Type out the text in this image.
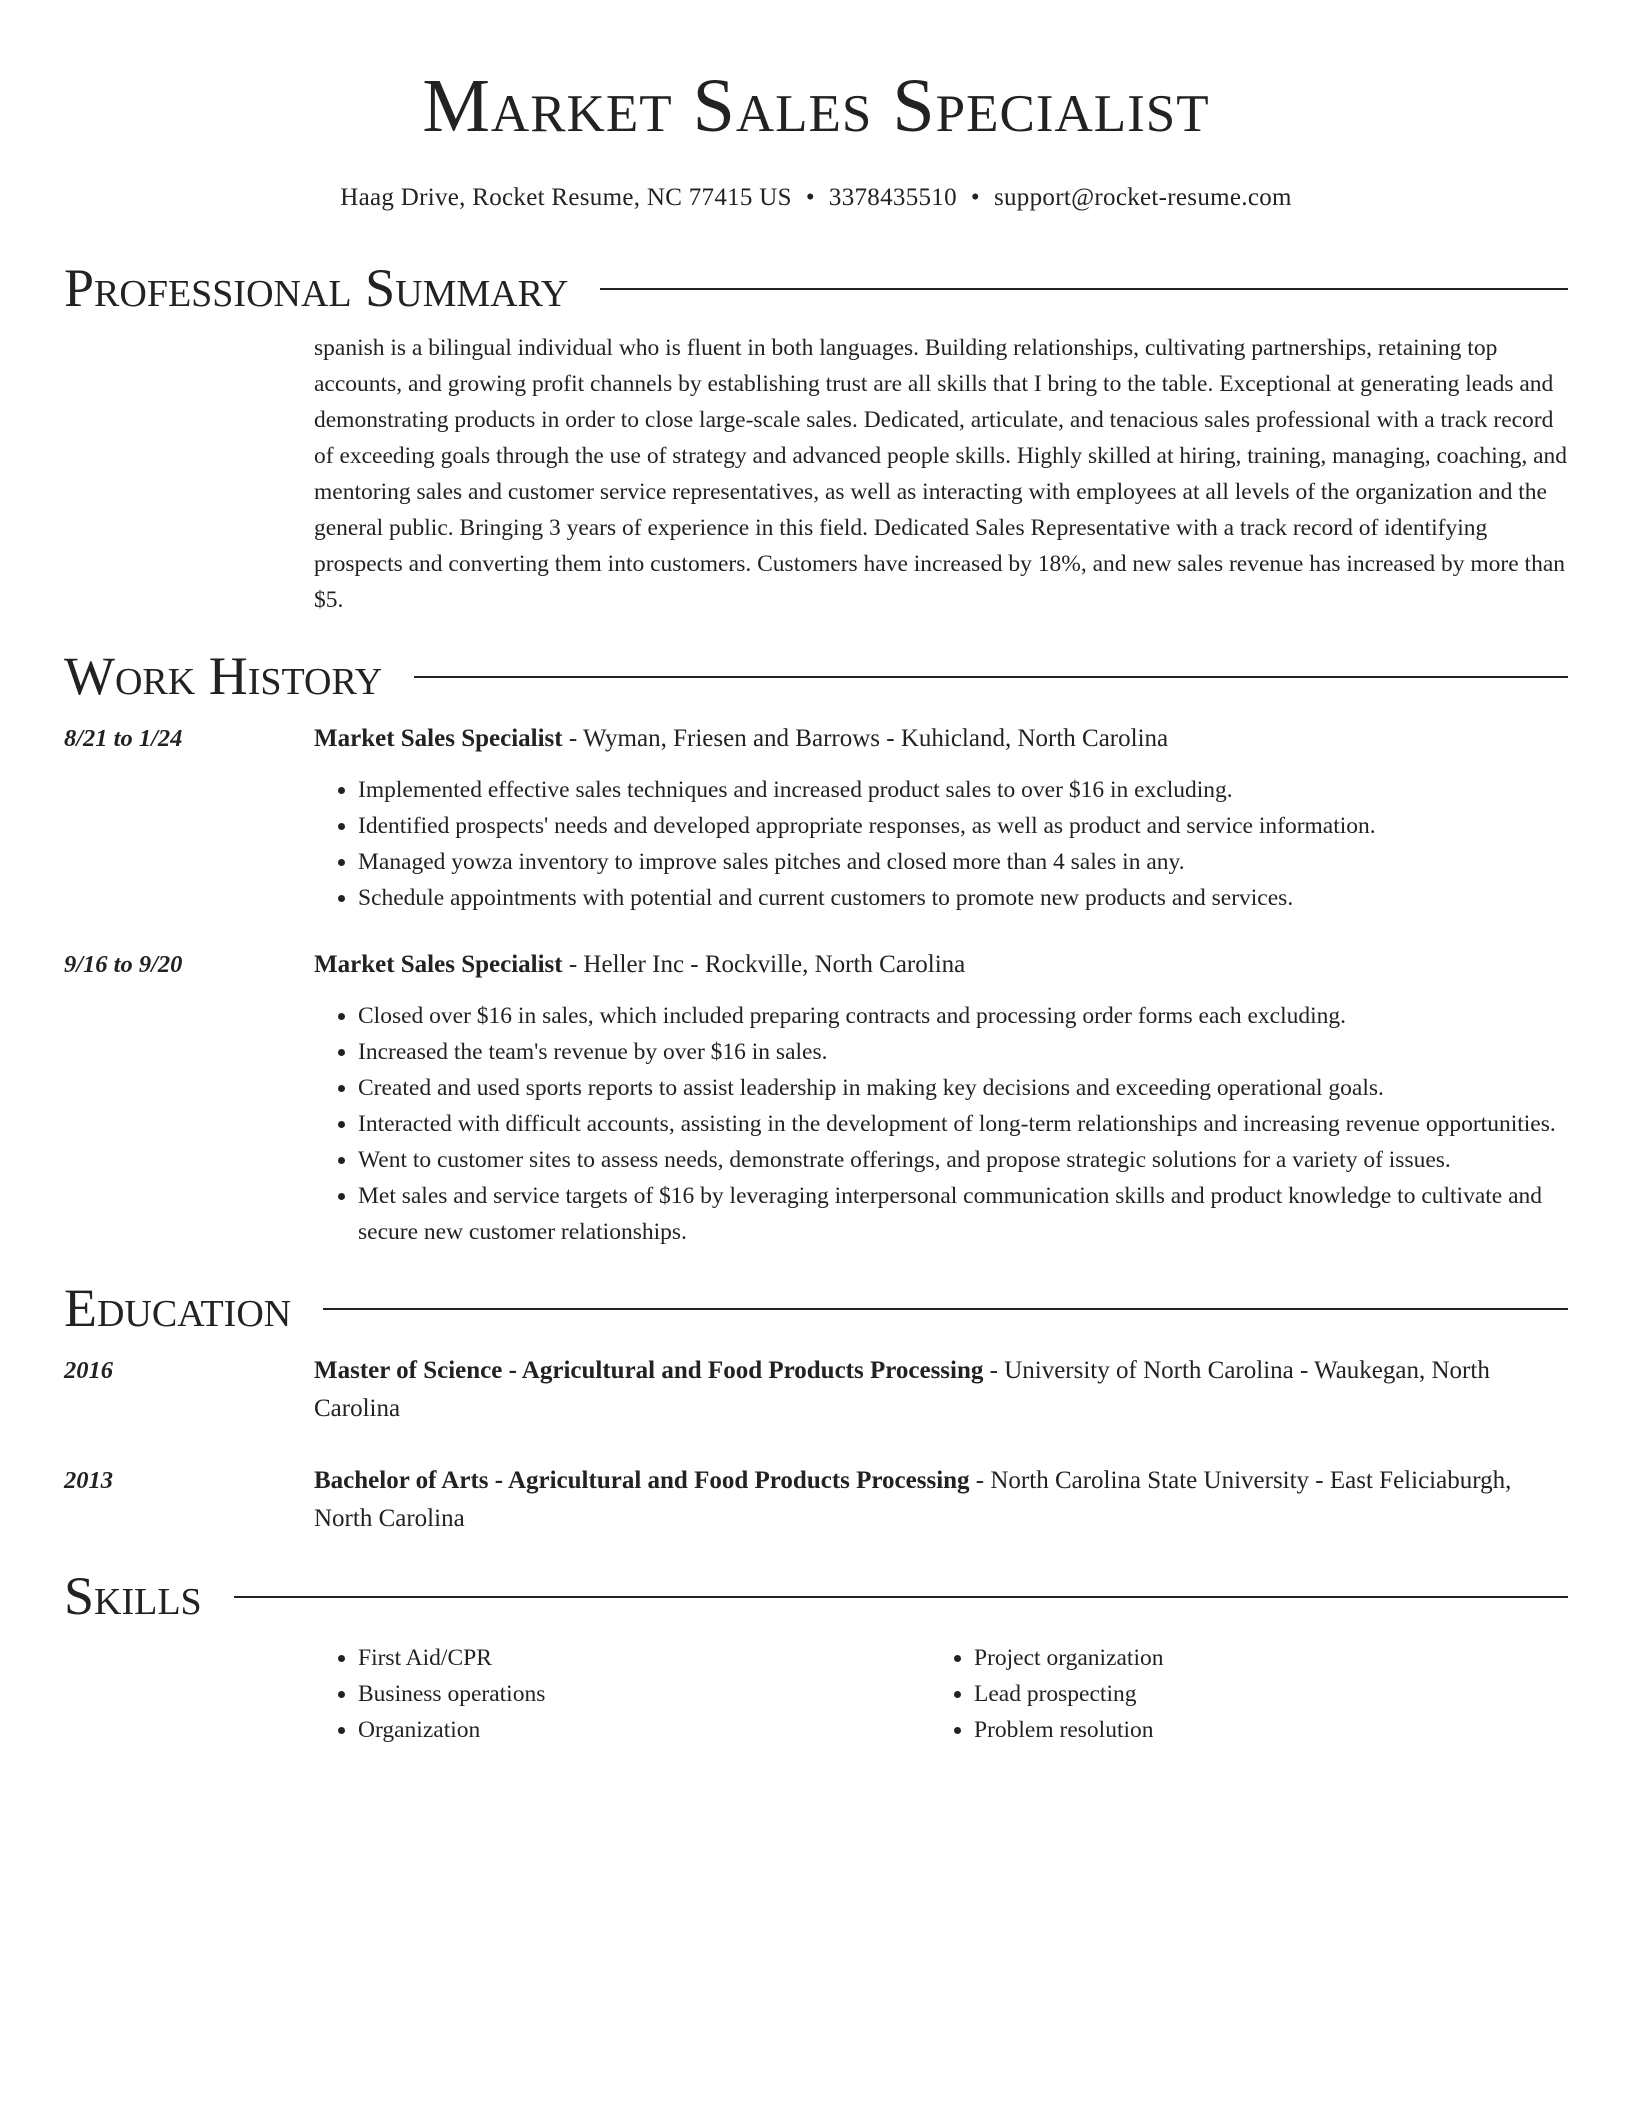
Market Sales Specialist
Haag Drive, Rocket Resume, NC 77415 US • 3378435510 • support@rocket-resume.com
Professional Summary
spanish is a bilingual individual who is fluent in both languages. Building relationships, cultivating partnerships, retaining top accounts, and growing profit channels by establishing trust are all skills that I bring to the table. Exceptional at generating leads and demonstrating products in order to close large-scale sales. Dedicated, articulate, and tenacious sales professional with a track record of exceeding goals through the use of strategy and advanced people skills. Highly skilled at hiring, training, managing, coaching, and mentoring sales and customer service representatives, as well as interacting with employees at all levels of the organization and the general public. Bringing 3 years of experience in this field. Dedicated Sales Representative with a track record of identifying prospects and converting them into customers. Customers have increased by 18%, and new sales revenue has increased by more than $5.
Work History
8/21 to 1/24	Market Sales Specialist - Wyman, Friesen and Barrows - Kuhicland, North Carolina
• Implemented effective sales techniques and increased product sales to over $16 in excluding.
• Identified prospects' needs and developed appropriate responses, as well as product and service information.
• Managed yowza inventory to improve sales pitches and closed more than 4 sales in any.
• Schedule appointments with potential and current customers to promote new products and services.
9/16 to 9/20	Market Sales Specialist - Heller Inc - Rockville, North Carolina
• Closed over $16 in sales, which included preparing contracts and processing order forms each excluding.
• Increased the team's revenue by over $16 in sales.
• Created and used sports reports to assist leadership in making key decisions and exceeding operational goals.
• Interacted with difficult accounts, assisting in the development of long-term relationships and increasing revenue opportunities.
• Went to customer sites to assess needs, demonstrate offerings, and propose strategic solutions for a variety of issues.
• Met sales and service targets of $16 by leveraging interpersonal communication skills and product knowledge to cultivate and secure new customer relationships.
Education
2016	Master of Science - Agricultural and Food Products Processing - University of North Carolina - Waukegan, North Carolina
2013	Bachelor of Arts - Agricultural and Food Products Processing - North Carolina State University - East Feliciaburgh, North Carolina
Skills
• First Aid/CPR
• Business operations
• Organization
• Project organization
• Lead prospecting
• Problem resolution
